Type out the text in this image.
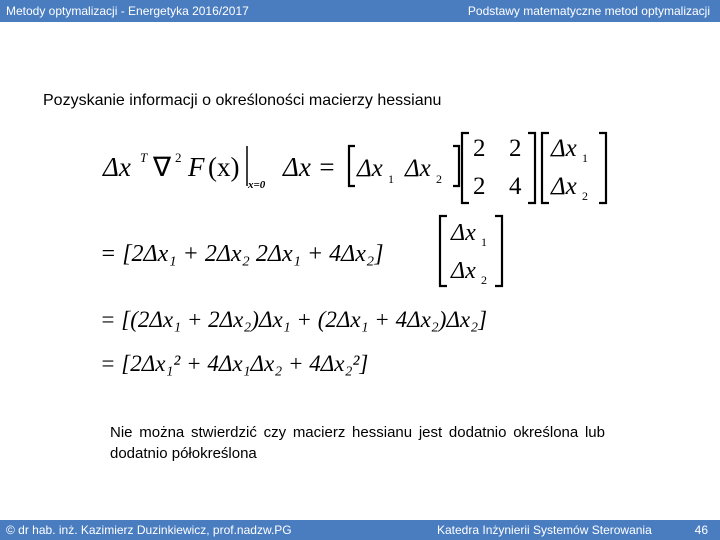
Metody optymalizacji - Energetyka 2016/2017	Podstawy matematyczne metod optymalizacji
Pozyskanie informacji o określoności macierzy hessianu
Δx T ∇ 2 F (x)
x=0
Δx = Δx 1 Δx 2
2 2
2 4
Δx 1
Δx 2
= [2Δx₁ + 2Δx₂ 2Δx₁ + 4Δx₂]
Δx 1
Δx 2
= [(2Δx₁ + 2Δx₂)Δx₁ + (2Δx₁ + 4Δx₂)Δx₂]
= [2Δx₁² + 4Δx₁Δx₂ + 4Δx₂²]
Nie można stwierdzić czy macierz hessianu jest dodatnio określona lub dodatnio półokreślona
© dr hab. inż. Kazimierz Duzinkiewicz, prof.nadzw.PG	Katedra Inżynierii Systemów Sterowania	46
